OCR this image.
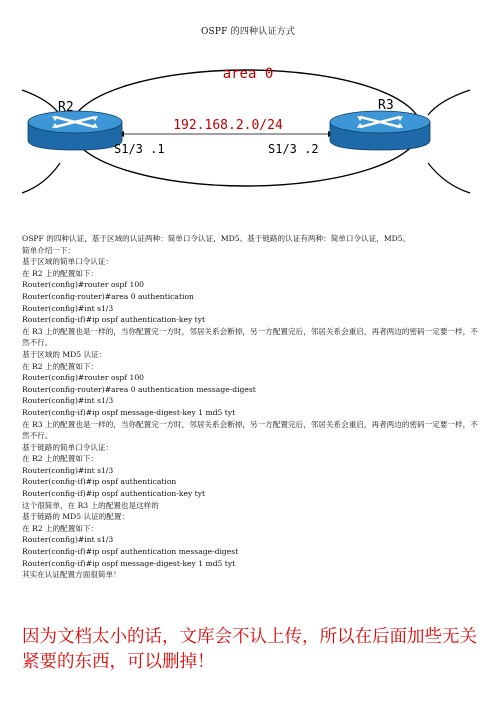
OSPF 的四种认证方式
area 0
192.168.2.0/24
R2	R3
S1/3 .1	S1/3 .2

OSPF 的四种认证，基于区域的认证两种：简单口令认证，MD5。基于链路的认证有两种：简单口令认证，MD5。

简单介绍一下：

基于区域的简单口令认证：

在 R2 上的配置如下：

Router(config)#router ospf 100

Router(config-router)#area 0 authentication

Router(config)#int s1/3

Router(config-if)#ip ospf authentication-key tyt

在 R3 上的配置也是一样的，当你配置完一方时，邻居关系会断掉，另一方配置完后，邻居关系会重启，再者两边的密码一定要一样，不然不行。

基于区域的 MD5 认证：

在 R2 上的配置如下：

Router(config)#router ospf 100

Router(config-router)#area 0 authentication message-digest

Router(config)#int s1/3

Router(config-if)#ip ospf message-digest-key 1 md5 tyt

在 R3 上的配置也是一样的，当你配置完一方时，邻居关系会断掉，另一方配置完后，邻居关系会重启，再者两边的密码一定要一样，不然不行。

基于链路的简单口令认证：

在 R2 上的配置如下：

Router(config)#int s1/3

Router(config-if)#ip ospf authentication

Router(config-if)#ip ospf authentication-key tyt

这个很简单，在 R3 上的配置也是这样的

基于链路的 MD5 认证的配置：

在 R2 上的配置如下：

Router(config)#int s1/3

Router(config-if)#ip ospf authentication message-digest

Router(config-if)#ip ospf message-digest-key 1 md5 tyt

其实在认证配置方面很简单！

因为文档太小的话，文库会不认上传，所以在后面加些无关紧要的东西，可以删掉！
